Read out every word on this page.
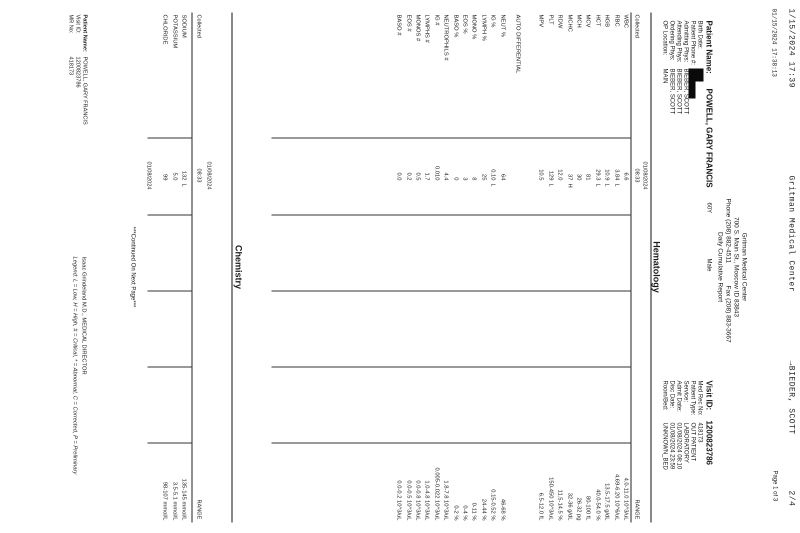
1/15/2024 17:39
Gritman Medical Center
→BIEDER, SCOTT
2/4
01/15/2024 17:38:13
Page 1 of 3
Gritman Medical Center
700 S. Main St., Moscow ID 83843
Phone (208) 882-4511
Fax (208) 883-3667
Daily Cumulative Report
Patient Name:
POWELL, GARY FRANCIS
60Y
Male
Birth Date:
Patient Phone #:
Admitting Phys:
BIEBER, SCOTT
Attending Phys:
BIEBER, SCOTT
Ordering Phys:
BIEBER, SCOTT
OP Location:
MAIN
Visit ID:
1200823786
Med Rec No:
418173
Patient Type:
OUT PATIENT
Service:
LABORATORY
Admit Date:
01/08/2024 08:10
Disc Date:
01/08/2024 23:59
Room/Bed:
UNKNOWN_BED
Hematology
Collected
RANGE
01/08/2024
08:33
WBC		6.6			4.0-11.0 10^3/uL
RBC		3.84	L		4.69-6.20 10^6/uL
HGB		10.9	L		13.5-17.5 g/dL
HCT		29.3	L		40.0-54.0 %
MCV		81			80-100 fL
MCH		30			26-32 pg
MCHC		37	H		32-36 g/dL
RDW		12.0			11.5-14.5 %
PLT		129	L		150-450 10^3/uL
MPV		10.5			6.5-12.0 fL

AUTO DIFFERENTIAL					

NEUT %		64			46-68 %
IG %		0.10	L		0.15-0.52 %
LYMPH %		25			24-44 %
MONO %		8			0-11 %
EOS %		3			0-4 %
BASO %		0			0-2 %
NEUTROPHILS #		4.4			1.8-7.8 10^3/uL
IG #		0.010			0.005-0.022 10^3/uL
LYMPHS #		1.7			1.0-4.8 10^3/uL
MONOS #		0.5			0.0-0.8 10^3/uL
EOS #		0.2			0.0-0.5 10^3/uL
BASO #		0.0			0.0-0.2 10^3/uL
Chemistry
Collected
RANGE
01/08/2024
08:33
SODIUM		132	L		135-145 mmol/L
POTASSIUM		5.0			3.5-5.1 mmol/L
CHLORIDE		99			98-107 mmol/L
01/08/2024
***Continued On Next Page***
Patient Name:
POWELL, GARY FRANCIS
Visit ID:
1200823786
MR No:
418173
Isaac Grindeland M.D., MEDICAL DIRECTOR
Legend: L = Low, H = High, # = Critical, * = Abnormal, C = Corrected, P = Preliminary
